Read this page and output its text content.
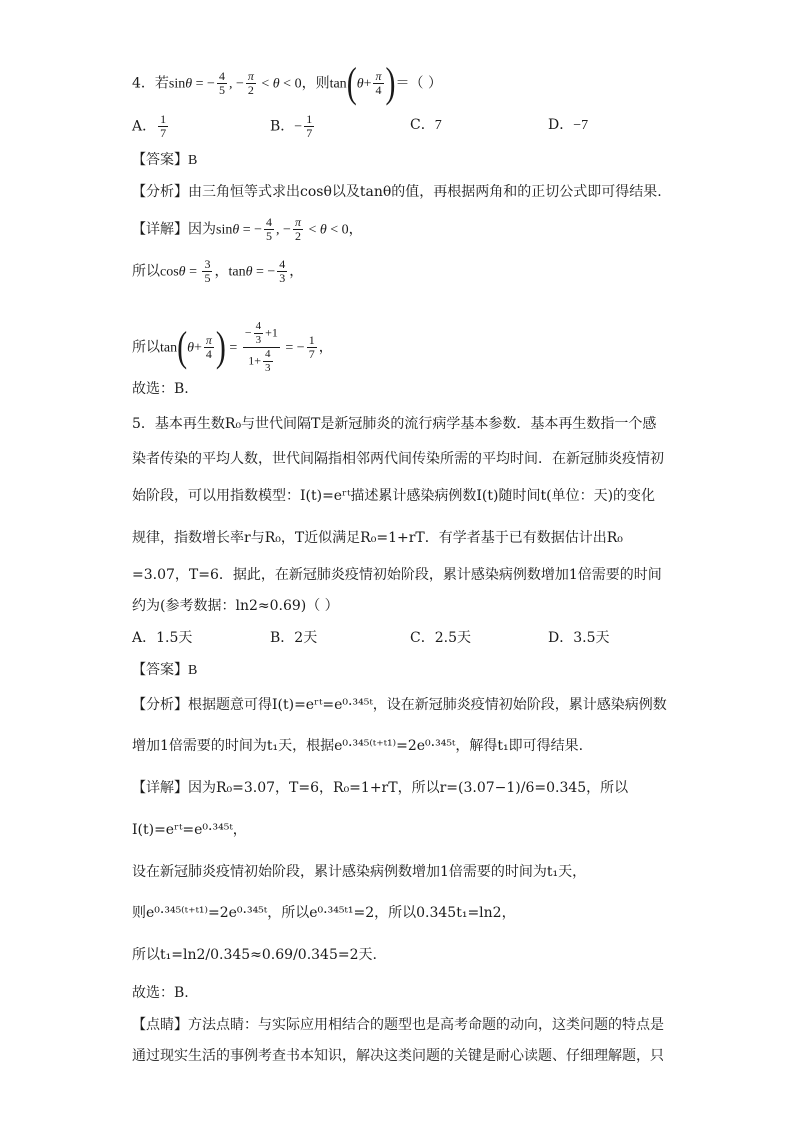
4．若sinθ = − $\frac{4}{5}$ , − $\frac{\pi}{2} < \theta < 0$，则$\tan(\theta+ \frac{\pi}{4}$ )＝（ ）
A． $\frac{1}{7}$	B．− $\frac{1}{7}$	C．7	D．−7
【答案】B
【分析】由三角恒等式求出cosθ以及tanθ的值，再根据两角和的正切公式即可得结果.
【详解】因为sinθ = − $\frac{4}{5}$ , − $\frac{\pi}{2} < \theta < 0$，
所以$\cos\theta = \frac{3}{5}$ ，tanθ = − $\frac{4}{3}$ ，
所以$\tan(\theta+ \frac{\pi}{4}$ ) = $\frac{- \frac{4}{3} +1}{1+ \frac{4}{3}}$ = − $\frac{1}{7}$ ，
故选：B.
5．基本再生数R₀与世代间隔T是新冠肺炎的流行病学基本参数．基本再生数指一个感
染者传染的平均人数，世代间隔指相邻两代间传染所需的平均时间．在新冠肺炎疫情初
始阶段，可以用指数模型：I(t)=eʳᵗ描述累计感染病例数I(t)随时间t(单位：天)的变化
规律，指数增长率r与R₀，T近似满足R₀=1+rT．有学者基于已有数据估计出R₀
=3.07，T=6．据此，在新冠肺炎疫情初始阶段，累计感染病例数增加1倍需要的时间
约为(参考数据：ln2≈0.69)（ ）
A．1.5天	B．2天	C．2.5天	D．3.5天
【答案】B
【分析】根据题意可得I(t)=eʳᵗ=e⁰·³⁴⁵ᵗ，设在新冠肺炎疫情初始阶段，累计感染病例数
增加1倍需要的时间为t₁天，根据e⁰·³⁴⁵⁽ᵗ⁺ᵗ¹⁾=2e⁰·³⁴⁵ᵗ，解得t₁即可得结果.
【详解】因为R₀=3.07，T=6，R₀=1+rT，所以r=(3.07−1)/6=0.345，所以
I(t)=eʳᵗ=e⁰·³⁴⁵ᵗ，
设在新冠肺炎疫情初始阶段，累计感染病例数增加1倍需要的时间为t₁天，
则e⁰·³⁴⁵⁽ᵗ⁺ᵗ¹⁾=2e⁰·³⁴⁵ᵗ，所以e⁰·³⁴⁵ᵗ¹=2，所以0.345t₁=ln2，
所以t₁=ln2/0.345≈0.69/0.345=2天.
故选：B.
【点睛】方法点睛：与实际应用相结合的题型也是高考命题的动向，这类问题的特点是
通过现实生活的事例考查书本知识，解决这类问题的关键是耐心读题、仔细理解题，只
